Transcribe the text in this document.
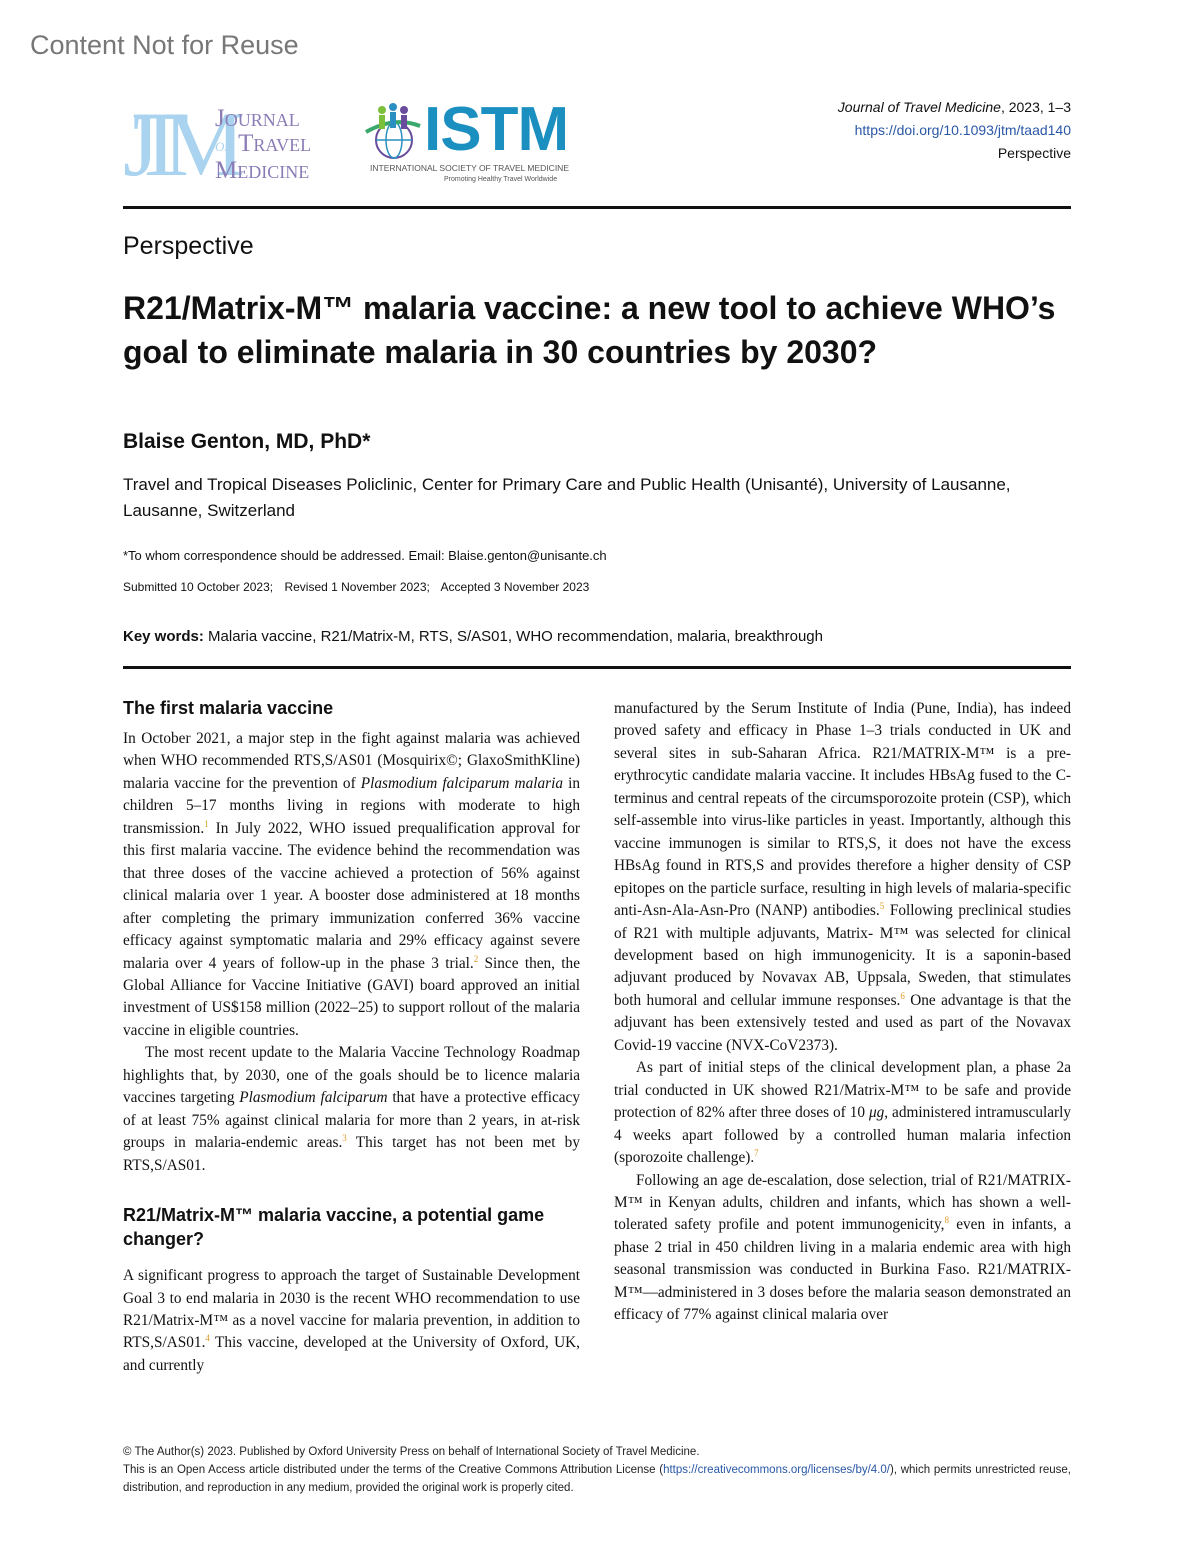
Content Not for Reuse
JTM
Journal
of Travel
Medicine
ISTM
INTERNATIONAL SOCIETY OF TRAVEL MEDICINE
Promoting Healthy Travel Worldwide
Journal of Travel Medicine, 2023, 1–3
https://doi.org/10.1093/jtm/taad140
Perspective
Perspective
R21/Matrix-M™ malaria vaccine: a new tool to achieve WHO’s goal to eliminate malaria in 30 countries by 2030?
Blaise Genton, MD, PhD*
Travel and Tropical Diseases Policlinic, Center for Primary Care and Public Health (Unisanté), University of Lausanne, Lausanne, Switzerland
*To whom correspondence should be addressed. Email: Blaise.genton@unisante.ch
Submitted 10 October 2023; Revised 1 November 2023; Accepted 3 November 2023
Key words: Malaria vaccine, R21/Matrix-M, RTS, S/AS01, WHO recommendation, malaria, breakthrough
The first malaria vaccine

In October 2021, a major step in the fight against malaria was achieved when WHO recommended RTS,S/AS01 (Mosquirix©; GlaxoSmithKline) malaria vaccine for the prevention of Plasmodium falciparum malaria in children 5–17 months living in regions with moderate to high transmission.$^1$ In July 2022, WHO issued prequalification approval for this first malaria vaccine. The evidence behind the recommendation was that three doses of the vaccine achieved a protection of 56% against clinical malaria over 1 year. A booster dose administered at 18 months after completing the primary immunization conferred 36% vaccine efficacy against symptomatic malaria and 29% efficacy against severe malaria over 4 years of follow-up in the phase 3 trial.$^2$ Since then, the Global Alliance for Vaccine Initiative (GAVI) board approved an initial investment of US$158 million (2022–25) to support rollout of the malaria vaccine in eligible countries.

The most recent update to the Malaria Vaccine Technology Roadmap highlights that, by 2030, one of the goals should be to licence malaria vaccines targeting Plasmodium falciparum that have a protective efficacy of at least 75% against clinical malaria for more than 2 years, in at-risk groups in malaria-endemic areas.$^3$ This target has not been met by RTS,S/AS01.

R21/Matrix-M™ malaria vaccine, a potential game changer?

A significant progress to approach the target of Sustainable Development Goal 3 to end malaria in 2030 is the recent WHO recommendation to use R21/Matrix-M™ as a novel vaccine for malaria prevention, in addition to RTS,S/AS01.$^4$ This vaccine, developed at the University of Oxford, UK, and currently

manufactured by the Serum Institute of India (Pune, India), has indeed proved safety and efficacy in Phase 1–3 trials conducted in UK and several sites in sub-Saharan Africa. R21/MATRIX-M™ is a pre-erythrocytic candidate malaria vaccine. It includes HBsAg fused to the C-terminus and central repeats of the circumsporozoite protein (CSP), which self-assemble into virus-like particles in yeast. Importantly, although this vaccine immunogen is similar to RTS,S, it does not have the excess HBsAg found in RTS,S and provides therefore a higher density of CSP epitopes on the particle surface, resulting in high levels of malaria-specific anti-Asn-Ala-Asn-Pro (NANP) antibodies.$^5$ Following preclinical studies of R21 with multiple adjuvants, Matrix- M™ was selected for clinical development based on high immunogenicity. It is a saponin-based adjuvant produced by Novavax AB, Uppsala, Sweden, that stimulates both humoral and cellular immune responses.$^6$ One advantage is that the adjuvant has been extensively tested and used as part of the Novavax Covid-19 vaccine (NVX-CoV2373).

As part of initial steps of the clinical development plan, a phase 2a trial conducted in UK showed R21/Matrix-M™ to be safe and provide protection of 82% after three doses of 10 μg, administered intramuscularly 4 weeks apart followed by a controlled human malaria infection (sporozoite challenge).$^7$

Following an age de-escalation, dose selection, trial of R21/MATRIX-M™ in Kenyan adults, children and infants, which has shown a well-tolerated safety profile and potent immunogenicity,$^8$ even in infants, a phase 2 trial in 450 children living in a malaria endemic area with high seasonal transmission was conducted in Burkina Faso. R21/MATRIX-M™—administered in 3 doses before the malaria season demonstrated an efficacy of 77% against clinical malaria over

© The Author(s) 2023. Published by Oxford University Press on behalf of International Society of Travel Medicine.
This is an Open Access article distributed under the terms of the Creative Commons Attribution License (https://creativecommons.org/licenses/by/4.0/), which permits unrestricted reuse, distribution, and reproduction in any medium, provided the original work is properly cited.
